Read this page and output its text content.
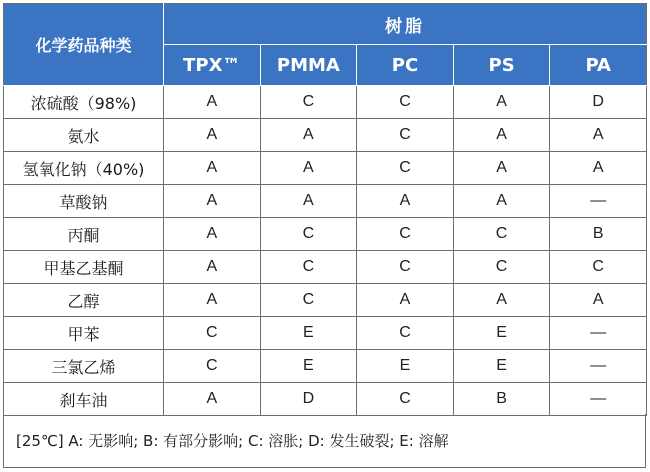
化学药品种类	树脂				
	TPX™	PMMA	PC	PS	PA
浓硫酸（98%)	A	C	C	A	D
氨水	A	A	C	A	A
氢氧化钠（40%)	A	A	C	A	A
草酸钠	A	A	A	A	—
丙酮	A	C	C	C	B
甲基乙基酮	A	C	C	C	C
乙醇	A	C	A	A	A
甲苯	C	E	C	E	—
三氯乙烯	C	E	E	E	—
刹车油	A	D	C	B	—
[25℃] A: 无影响; B: 有部分影响; C: 溶胀; D: 发生破裂; E: 溶解
